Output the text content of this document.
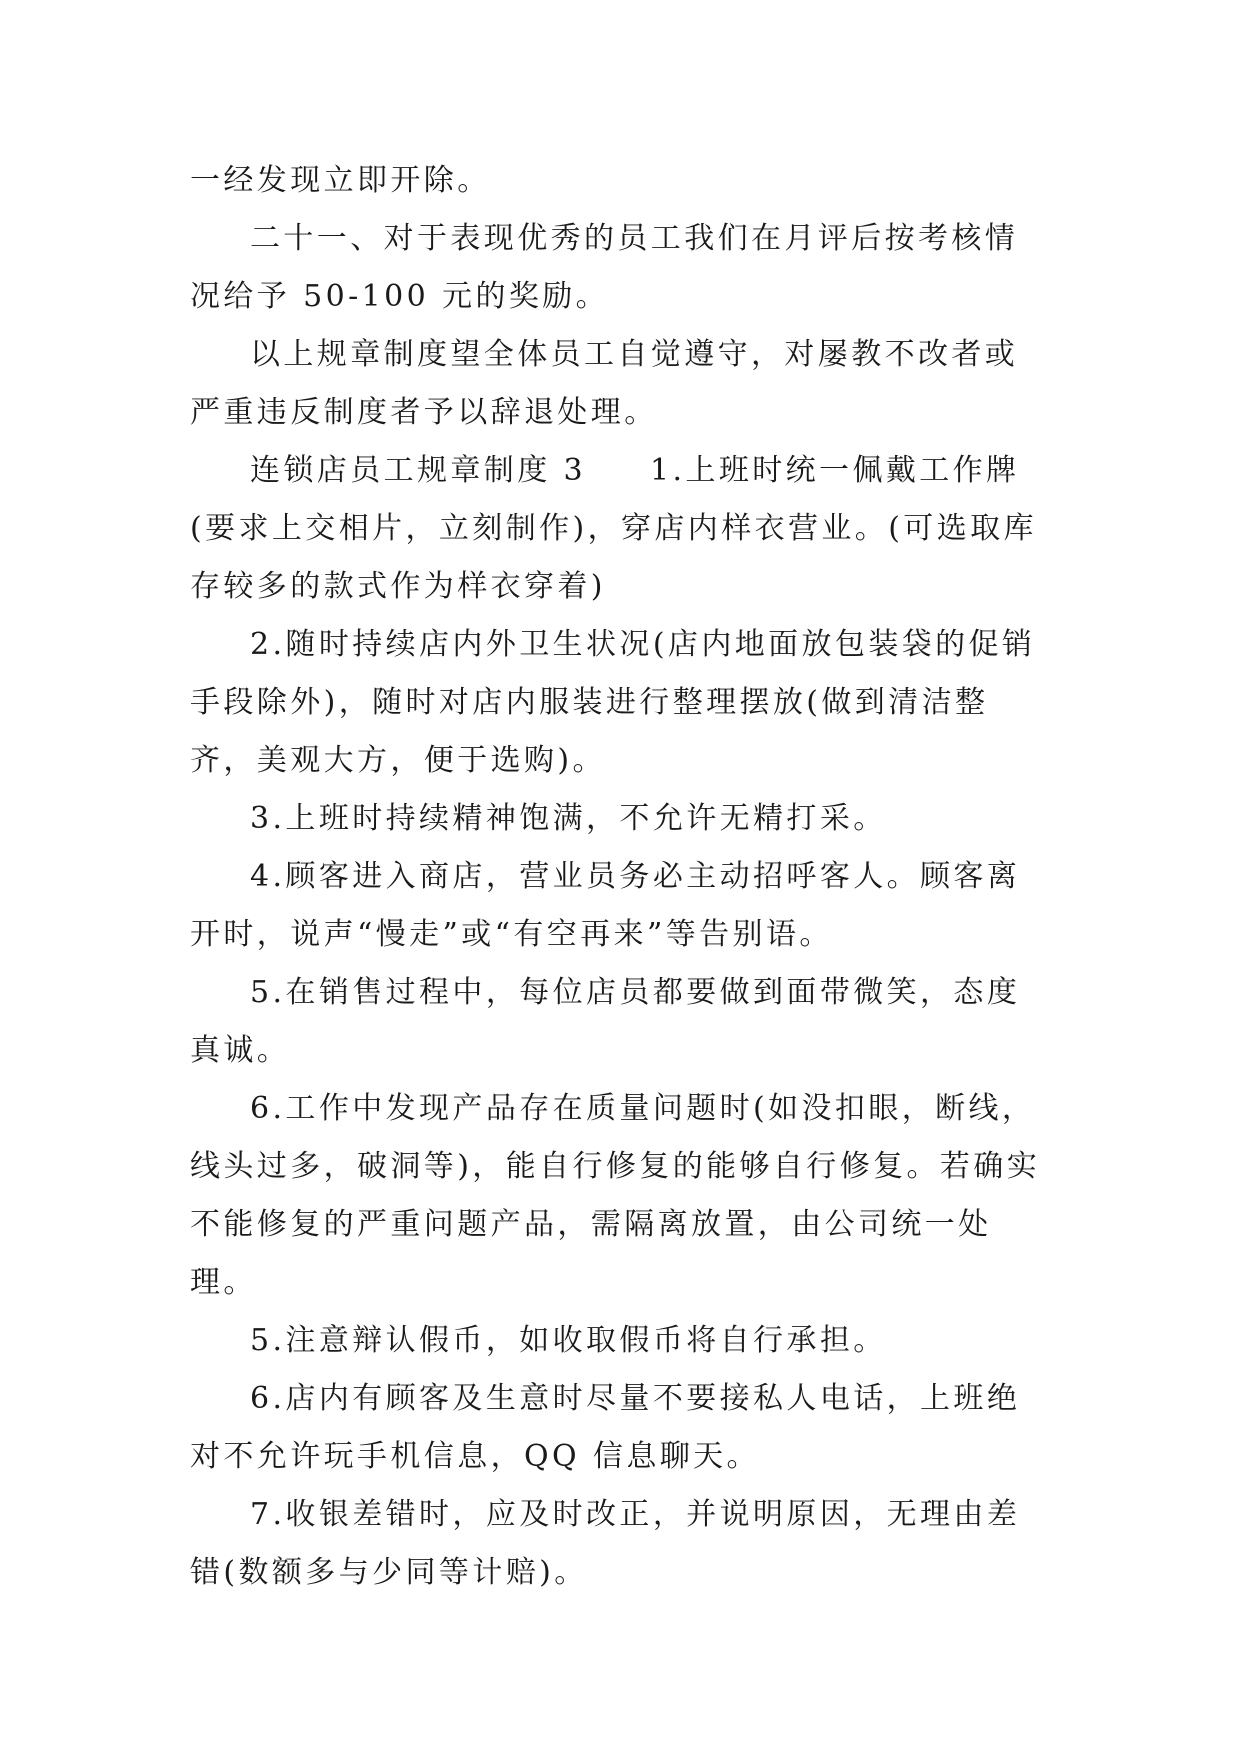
一经发现立即开除。

二十一、对于表现优秀的员工我们在月评后按考核情况给予 50-100 元的奖励。

以上规章制度望全体员工自觉遵守，对屡教不改者或严重违反制度者予以辞退处理。

连锁店员工规章制度 3 1.上班时统一佩戴工作牌(要求上交相片，立刻制作)，穿店内样衣营业。(可选取库存较多的款式作为样衣穿着)

2.随时持续店内外卫生状况(店内地面放包装袋的促销手段除外)，随时对店内服装进行整理摆放(做到清洁整齐，美观大方，便于选购)。

3.上班时持续精神饱满，不允许无精打采。

4.顾客进入商店，营业员务必主动招呼客人。顾客离开时，说声“慢走”或“有空再来”等告别语。

5.在销售过程中，每位店员都要做到面带微笑，态度真诚。

6.工作中发现产品存在质量问题时(如没扣眼，断线，线头过多，破洞等)，能自行修复的能够自行修复。若确实不能修复的严重问题产品，需隔离放置，由公司统一处理。

5.注意辩认假币，如收取假币将自行承担。

6.店内有顾客及生意时尽量不要接私人电话，上班绝对不允许玩手机信息，QQ 信息聊天。

7.收银差错时，应及时改正，并说明原因，无理由差错(数额多与少同等计赔)。
